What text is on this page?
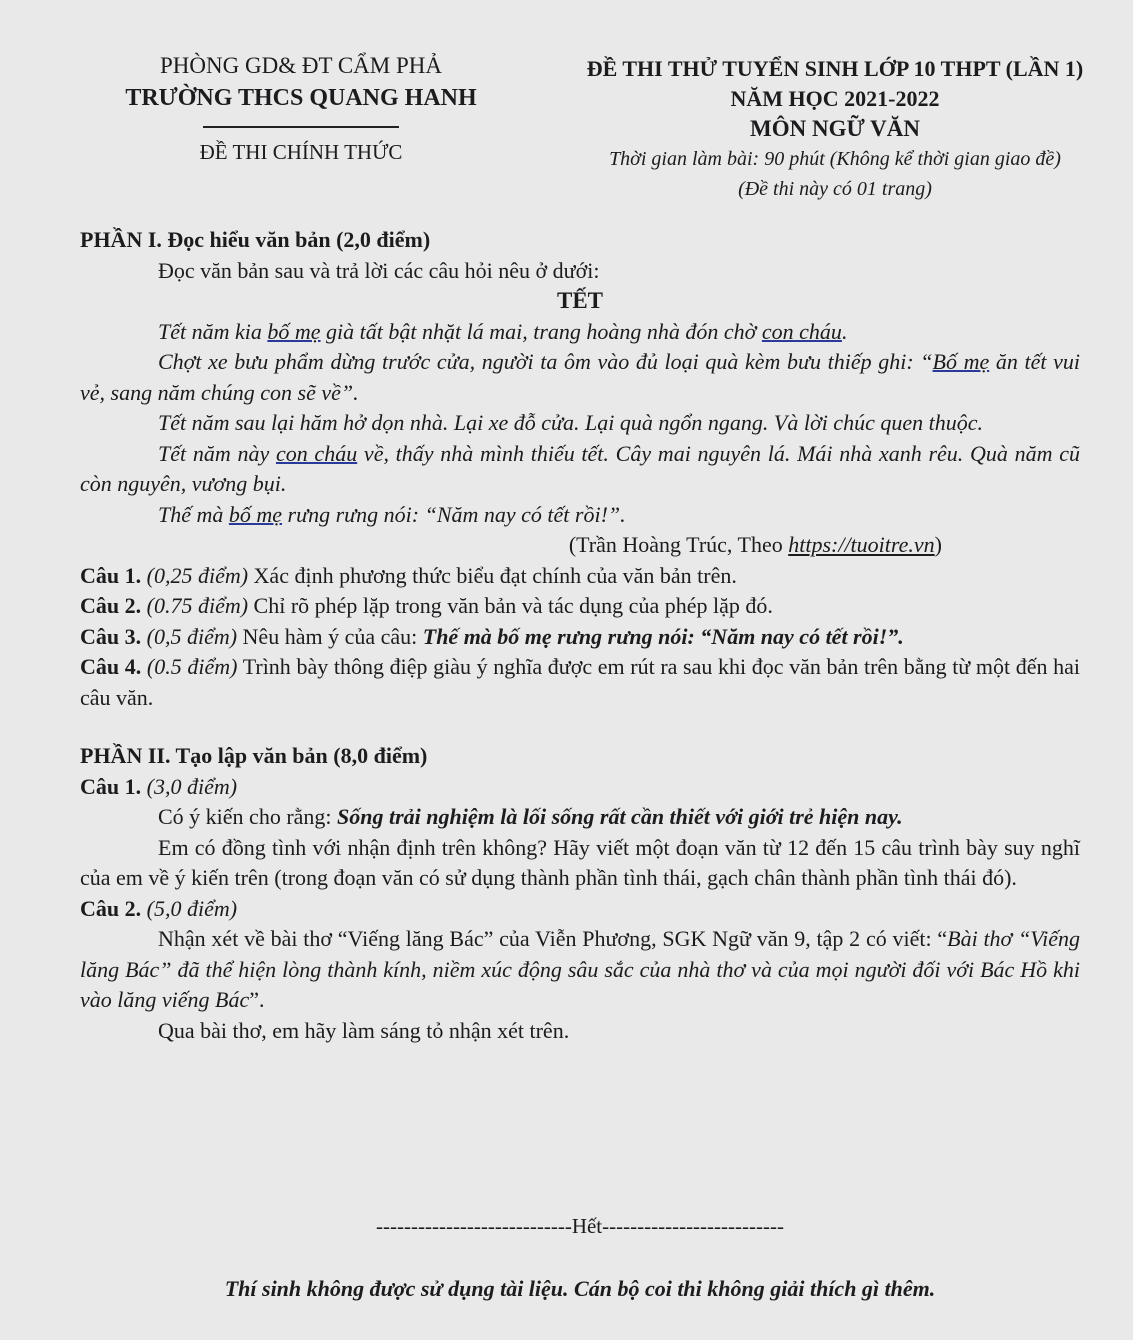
PHÒNG GD& ĐT CẨM PHẢ
TRƯỜNG THCS QUANG HANH
ĐỀ THI CHÍNH THỨC
ĐỀ THI THỬ TUYỂN SINH LỚP 10 THPT (LẦN 1)
NĂM HỌC 2021-2022
MÔN NGỮ VĂN
Thời gian làm bài: 90 phút (Không kể thời gian giao đề)
(Đề thi này có 01 trang)

PHẦN I. Đọc hiểu văn bản (2,0 điểm)

Đọc văn bản sau và trả lời các câu hỏi nêu ở dưới:

TẾT

Tết năm kia bố mẹ già tất bật nhặt lá mai, trang hoàng nhà đón chờ con cháu.

Chợt xe bưu phẩm dừng trước cửa, người ta ôm vào đủ loại quà kèm bưu thiếp ghi: “Bố mẹ ăn tết vui vẻ, sang năm chúng con sẽ về”.

Tết năm sau lại hăm hở dọn nhà. Lại xe đỗ cửa. Lại quà ngổn ngang. Và lời chúc quen thuộc.

Tết năm này con cháu về, thấy nhà mình thiếu tết. Cây mai nguyên lá. Mái nhà xanh rêu. Quà năm cũ còn nguyên, vương bụi.

Thế mà bố mẹ rưng rưng nói: “Năm nay có tết rồi!”.

(Trần Hoàng Trúc, Theo https://tuoitre.vn)

Câu 1. (0,25 điểm) Xác định phương thức biểu đạt chính của văn bản trên.

Câu 2. (0.75 điểm) Chỉ rõ phép lặp trong văn bản và tác dụng của phép lặp đó.

Câu 3. (0,5 điểm) Nêu hàm ý của câu: Thế mà bố mẹ rưng rưng nói: “Năm nay có tết rồi!”.

Câu 4. (0.5 điểm) Trình bày thông điệp giàu ý nghĩa được em rút ra sau khi đọc văn bản trên bằng từ một đến hai câu văn.

PHẦN II. Tạo lập văn bản (8,0 điểm)

Câu 1. (3,0 điểm)

Có ý kiến cho rằng: Sống trải nghiệm là lối sống rất cần thiết với giới trẻ hiện nay.

Em có đồng tình với nhận định trên không? Hãy viết một đoạn văn từ 12 đến 15 câu trình bày suy nghĩ của em về ý kiến trên (trong đoạn văn có sử dụng thành phần tình thái, gạch chân thành phần tình thái đó).

Câu 2. (5,0 điểm)

Nhận xét về bài thơ “Viếng lăng Bác” của Viễn Phương, SGK Ngữ văn 9, tập 2 có viết: “Bài thơ “Viếng lăng Bác” đã thể hiện lòng thành kính, niềm xúc động sâu sắc của nhà thơ và của mọi người đối với Bác Hồ khi vào lăng viếng Bác”.

Qua bài thơ, em hãy làm sáng tỏ nhận xét trên.

----------------------------Hết--------------------------
Thí sinh không được sử dụng tài liệu. Cán bộ coi thi không giải thích gì thêm.
